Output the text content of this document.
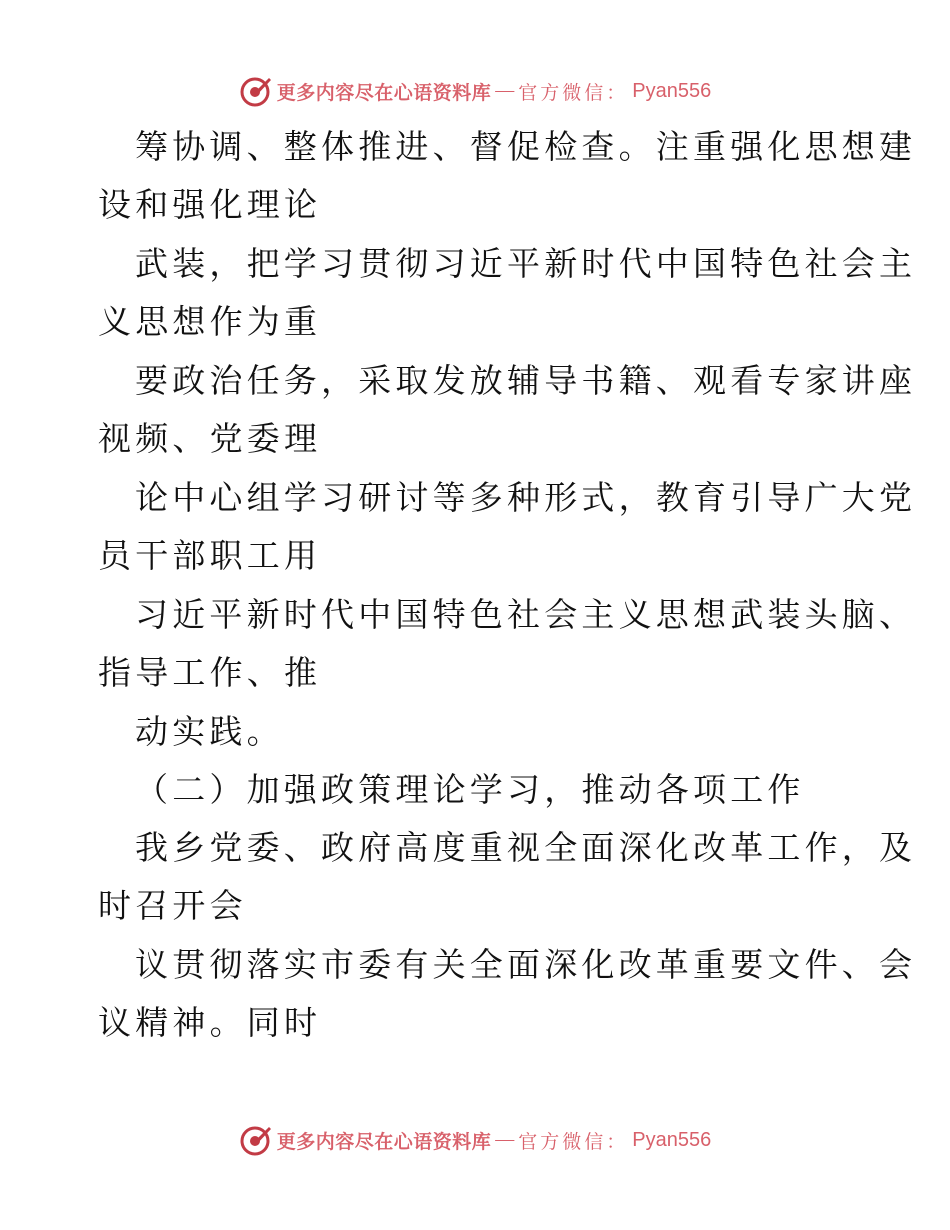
更多内容尽在心语资料库 — 官方微信： Pyan556
筹协调、整体推进、督促检查。注重强化思想建
设和强化理论
武装，把学习贯彻习近平新时代中国特色社会主
义思想作为重
要政治任务，采取发放辅导书籍、观看专家讲座
视频、党委理
论中心组学习研讨等多种形式，教育引导广大党
员干部职工用
习近平新时代中国特色社会主义思想武装头脑、
指导工作、推
动实践。
（二）加强政策理论学习，推动各项工作
我乡党委、政府高度重视全面深化改革工作，及
时召开会
议贯彻落实市委有关全面深化改革重要文件、会
议精神。同时
更多内容尽在心语资料库 — 官方微信： Pyan556
